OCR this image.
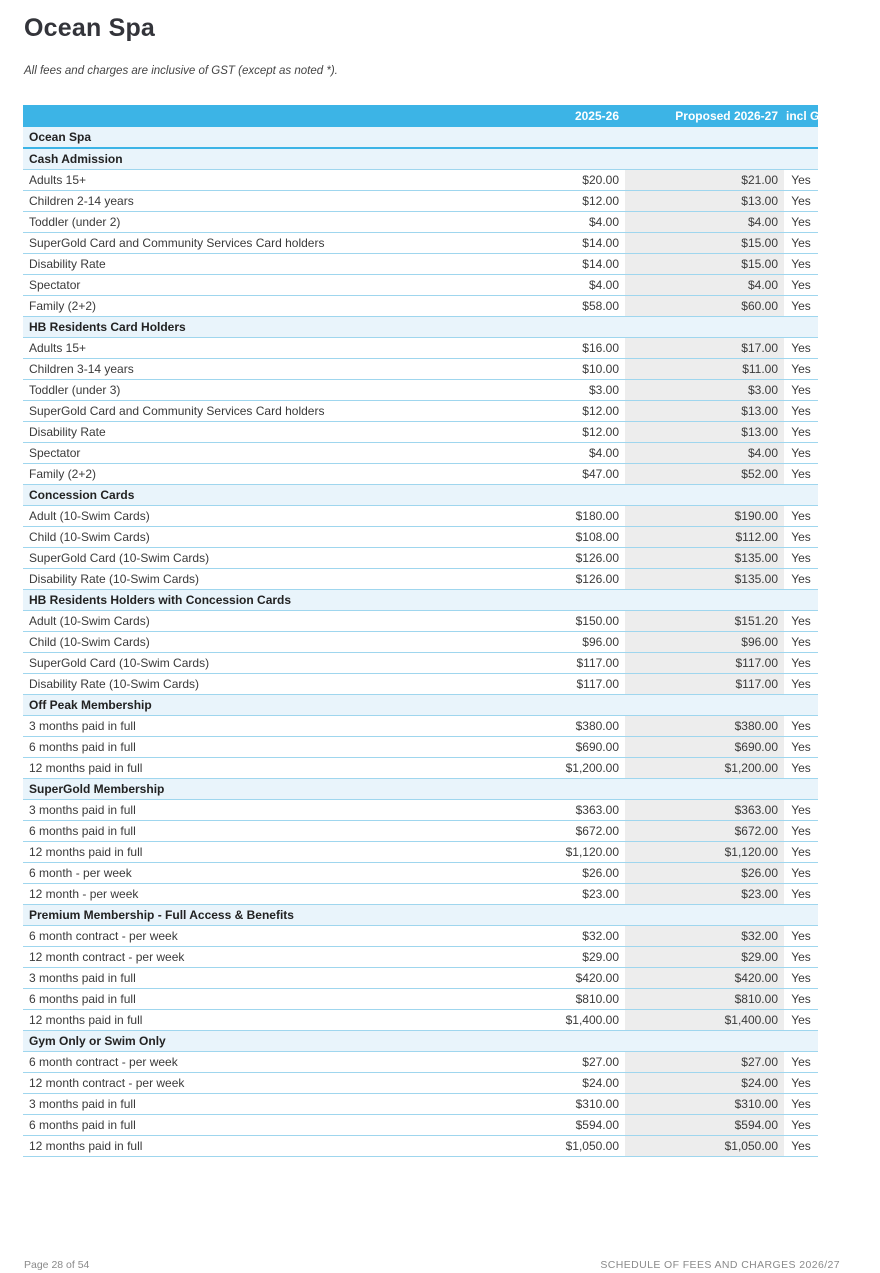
Ocean Spa
All fees and charges are inclusive of GST (except as noted *).
	2025-26	Proposed 2026-27	incl GST
Ocean Spa			
Cash Admission			
Adults 15+	$20.00	$21.00	Yes
Children 2-14 years	$12.00	$13.00	Yes
Toddler (under 2)	$4.00	$4.00	Yes
SuperGold Card and Community Services Card holders	$14.00	$15.00	Yes
Disability Rate	$14.00	$15.00	Yes
Spectator	$4.00	$4.00	Yes
Family (2+2)	$58.00	$60.00	Yes
HB Residents Card Holders			
Adults 15+	$16.00	$17.00	Yes
Children 3-14 years	$10.00	$11.00	Yes
Toddler (under 3)	$3.00	$3.00	Yes
SuperGold Card and Community Services Card holders	$12.00	$13.00	Yes
Disability Rate	$12.00	$13.00	Yes
Spectator	$4.00	$4.00	Yes
Family (2+2)	$47.00	$52.00	Yes
Concession Cards			
Adult (10-Swim Cards)	$180.00	$190.00	Yes
Child (10-Swim Cards)	$108.00	$112.00	Yes
SuperGold Card (10-Swim Cards)	$126.00	$135.00	Yes
Disability Rate (10-Swim Cards)	$126.00	$135.00	Yes
HB Residents Holders with Concession Cards			
Adult (10-Swim Cards)	$150.00	$151.20	Yes
Child (10-Swim Cards)	$96.00	$96.00	Yes
SuperGold Card (10-Swim Cards)	$117.00	$117.00	Yes
Disability Rate (10-Swim Cards)	$117.00	$117.00	Yes
Off Peak Membership			
3 months paid in full	$380.00	$380.00	Yes
6 months paid in full	$690.00	$690.00	Yes
12 months paid in full	$1,200.00	$1,200.00	Yes
SuperGold Membership			
3 months paid in full	$363.00	$363.00	Yes
6 months paid in full	$672.00	$672.00	Yes
12 months paid in full	$1,120.00	$1,120.00	Yes
6 month - per week	$26.00	$26.00	Yes
12 month - per week	$23.00	$23.00	Yes
Premium Membership - Full Access & Benefits			
6 month contract - per week	$32.00	$32.00	Yes
12 month contract - per week	$29.00	$29.00	Yes
3 months paid in full	$420.00	$420.00	Yes
6 months paid in full	$810.00	$810.00	Yes
12 months paid in full	$1,400.00	$1,400.00	Yes
Gym Only or Swim Only			
6 month contract - per week	$27.00	$27.00	Yes
12 month contract - per week	$24.00	$24.00	Yes
3 months paid in full	$310.00	$310.00	Yes
6 months paid in full	$594.00	$594.00	Yes
12 months paid in full	$1,050.00	$1,050.00	Yes
Page 28 of 54	SCHEDULE OF FEES AND CHARGES 2026/27
